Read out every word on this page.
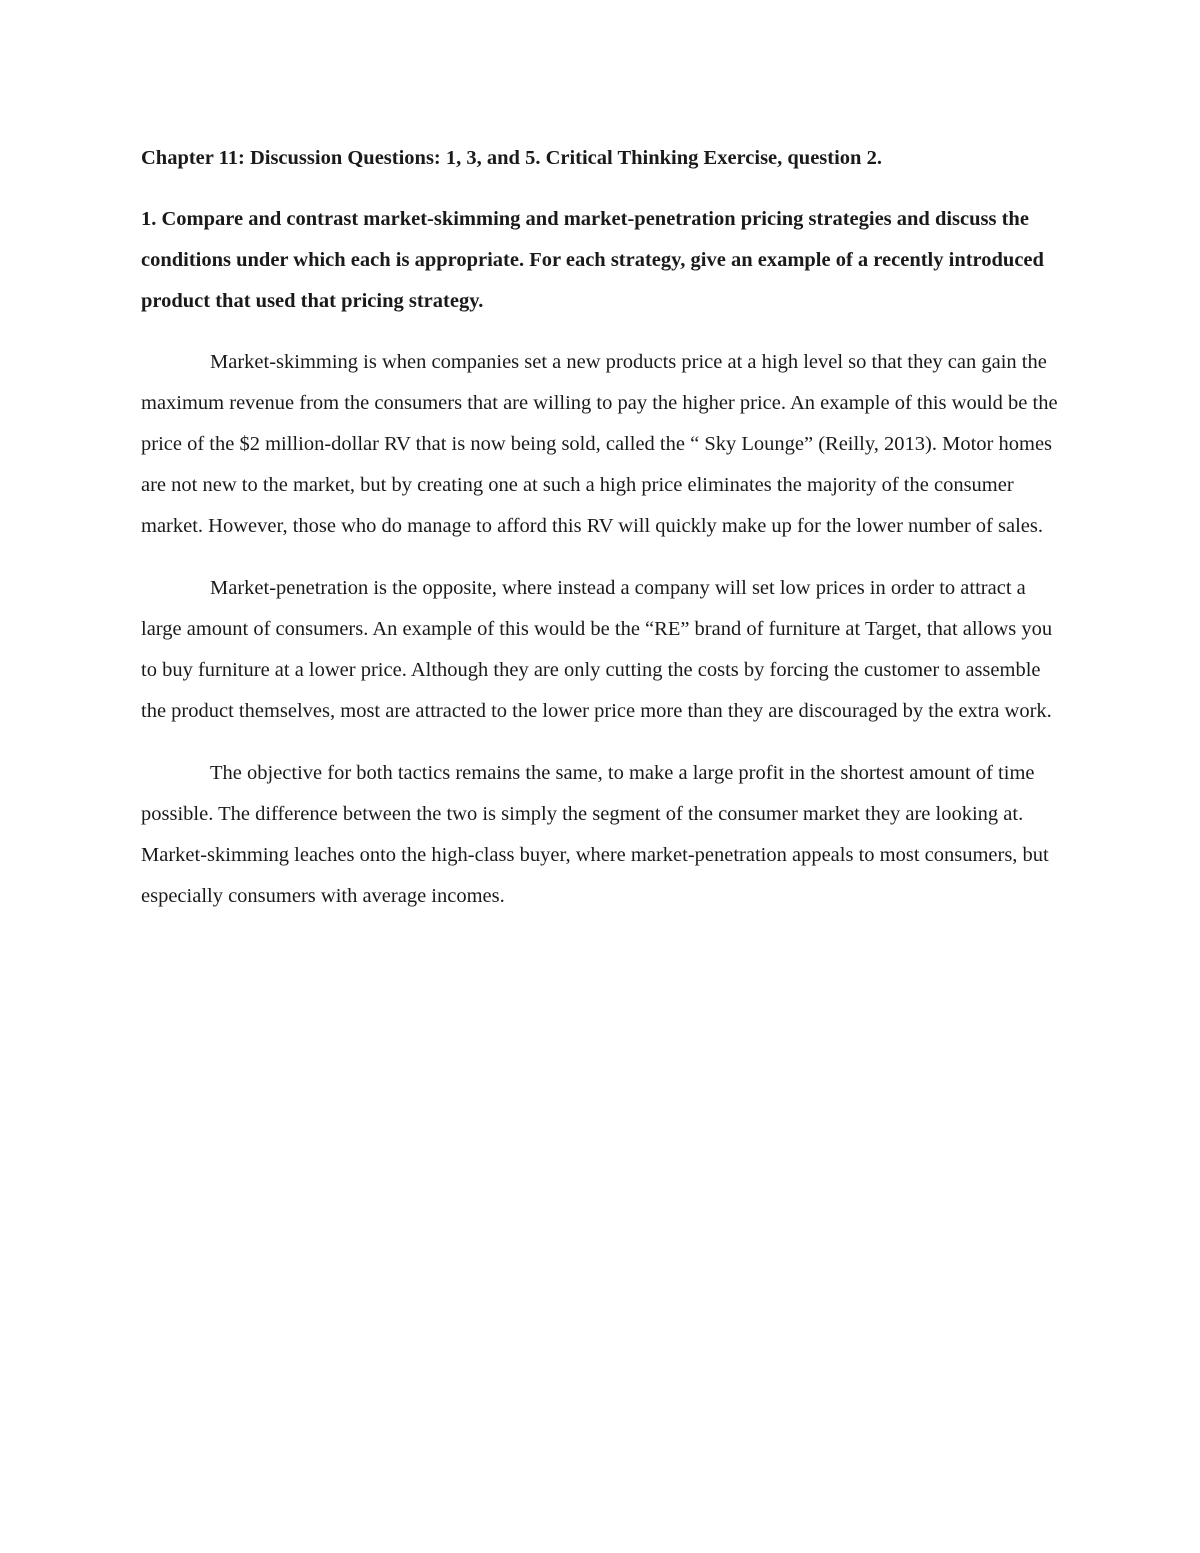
Chapter 11: Discussion Questions: 1, 3, and 5. Critical Thinking Exercise, question 2.

1. Compare and contrast market-skimming and market-penetration pricing strategies and discuss the conditions under which each is appropriate. For each strategy, give an example of a recently introduced product that used that pricing strategy.

Market-skimming is when companies set a new products price at a high level so that they can gain the maximum revenue from the consumers that are willing to pay the higher price. An example of this would be the price of the $2 million-dollar RV that is now being sold, called the “ Sky Lounge” (Reilly, 2013). Motor homes are not new to the market, but by creating one at such a high price eliminates the majority of the consumer market. However, those who do manage to afford this RV will quickly make up for the lower number of sales.

Market-penetration is the opposite, where instead a company will set low prices in order to attract a large amount of consumers. An example of this would be the “RE” brand of furniture at Target, that allows you to buy furniture at a lower price. Although they are only cutting the costs by forcing the customer to assemble the product themselves, most are attracted to the lower price more than they are discouraged by the extra work.

The objective for both tactics remains the same, to make a large profit in the shortest amount of time possible. The difference between the two is simply the segment of the consumer market they are looking at. Market-skimming leaches onto the high-class buyer, where market-penetration appeals to most consumers, but especially consumers with average incomes.
